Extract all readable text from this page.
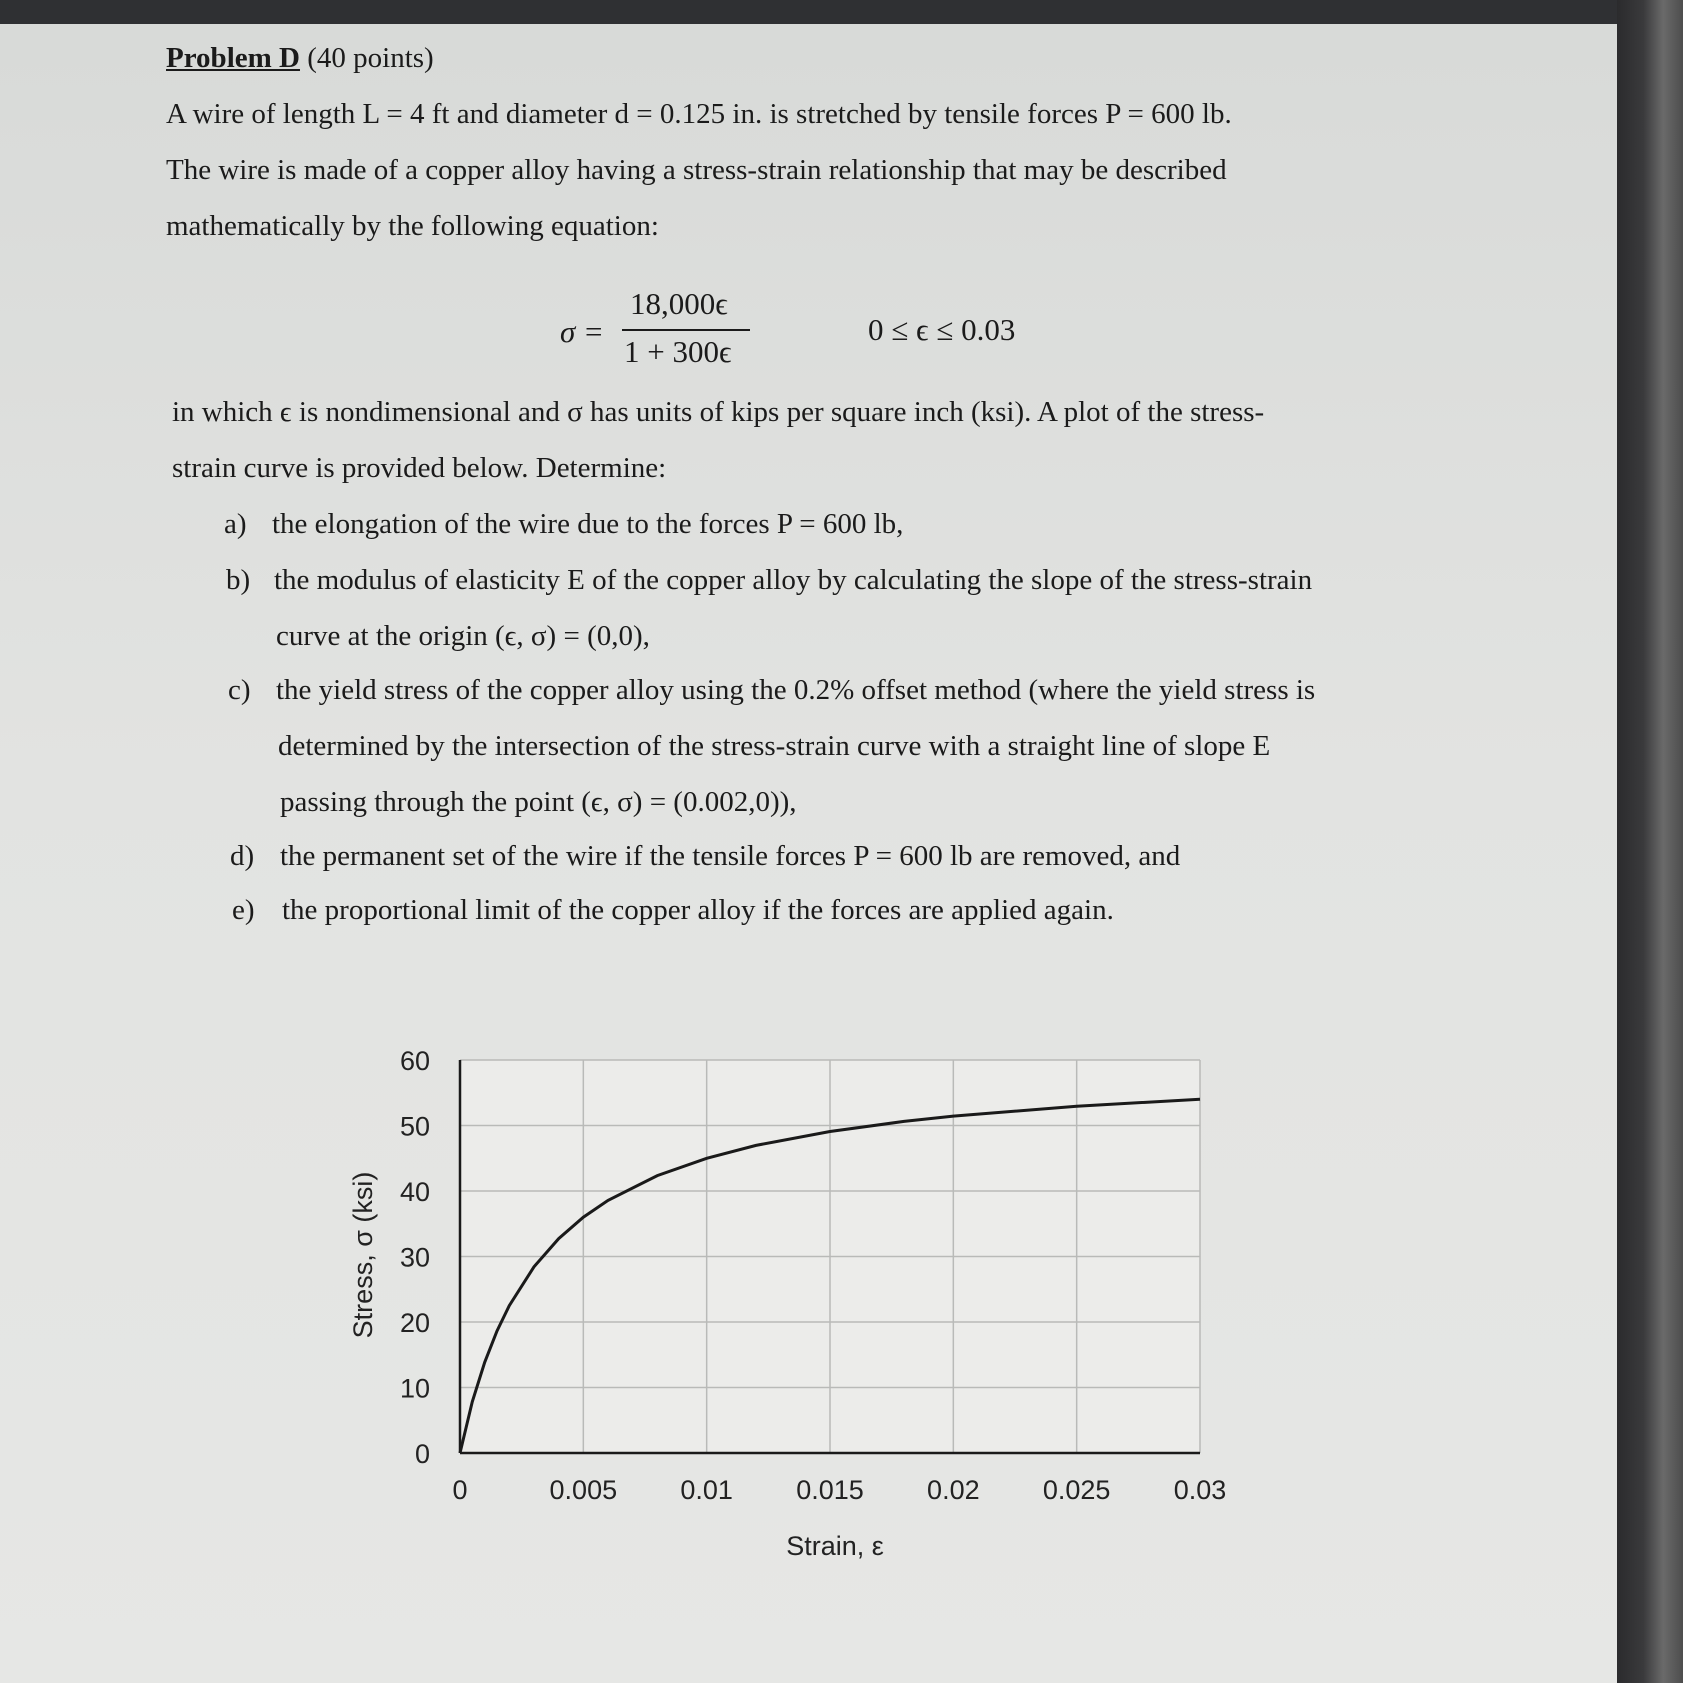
Problem D (40 points)
A wire of length L = 4 ft and diameter d = 0.125 in. is stretched by tensile forces P = 600 lb.
The wire is made of a copper alloy having a stress-strain relationship that may be described
mathematically by the following equation:
σ =
18,000ϵ
1 + 300ϵ
0 ≤ ϵ ≤ 0.03
in which ϵ is nondimensional and σ has units of kips per square inch (ksi). A plot of the stress-
strain curve is provided below. Determine:
a) the elongation of the wire due to the forces P = 600 lb,
b) the modulus of elasticity E of the copper alloy by calculating the slope of the stress-strain
curve at the origin (ϵ, σ) = (0,0),
c) the yield stress of the copper alloy using the 0.2% offset method (where the yield stress is
determined by the intersection of the stress-strain curve with a straight line of slope E
passing through the point (ϵ, σ) = (0.002,0)),
d) the permanent set of the wire if the tensile forces P = 600 lb are removed, and
e) the proportional limit of the copper alloy if the forces are applied again.
0
10
20
30
40
50
60
0	0.005 0.01 0.015 0.02 0.025 0.03
Strain, ε
Stress, σ (ksi)
